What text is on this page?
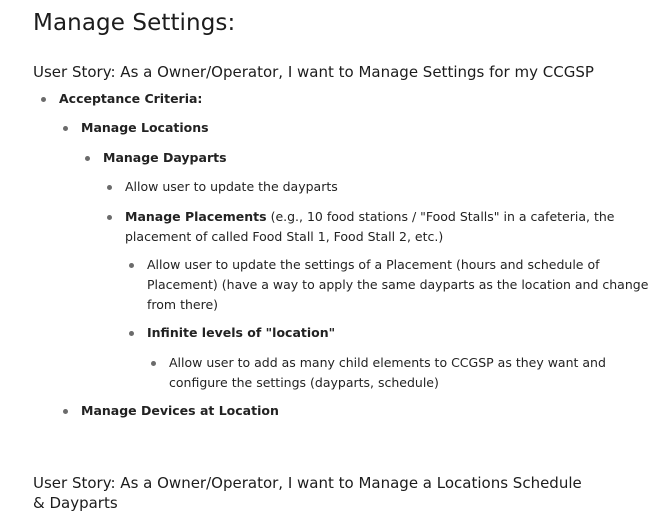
Manage Settings:
User Story: As a Owner/Operator, I want to Manage Settings for my CCGSP
Acceptance Criteria:
Manage Locations
Manage Dayparts
Allow user to update the dayparts
Manage Placements (e.g., 10 food stations / "Food Stalls" in a cafeteria, the
placement of called Food Stall 1, Food Stall 2, etc.)
Allow user to update the settings of a Placement (hours and schedule of
Placement) (have a way to apply the same dayparts as the location and change
from there)
Infinite levels of "location"
Allow user to add as many child elements to CCGSP as they want and
configure the settings (dayparts, schedule)
Manage Devices at Location
User Story: As a Owner/Operator, I want to Manage a Locations Schedule & Dayparts
